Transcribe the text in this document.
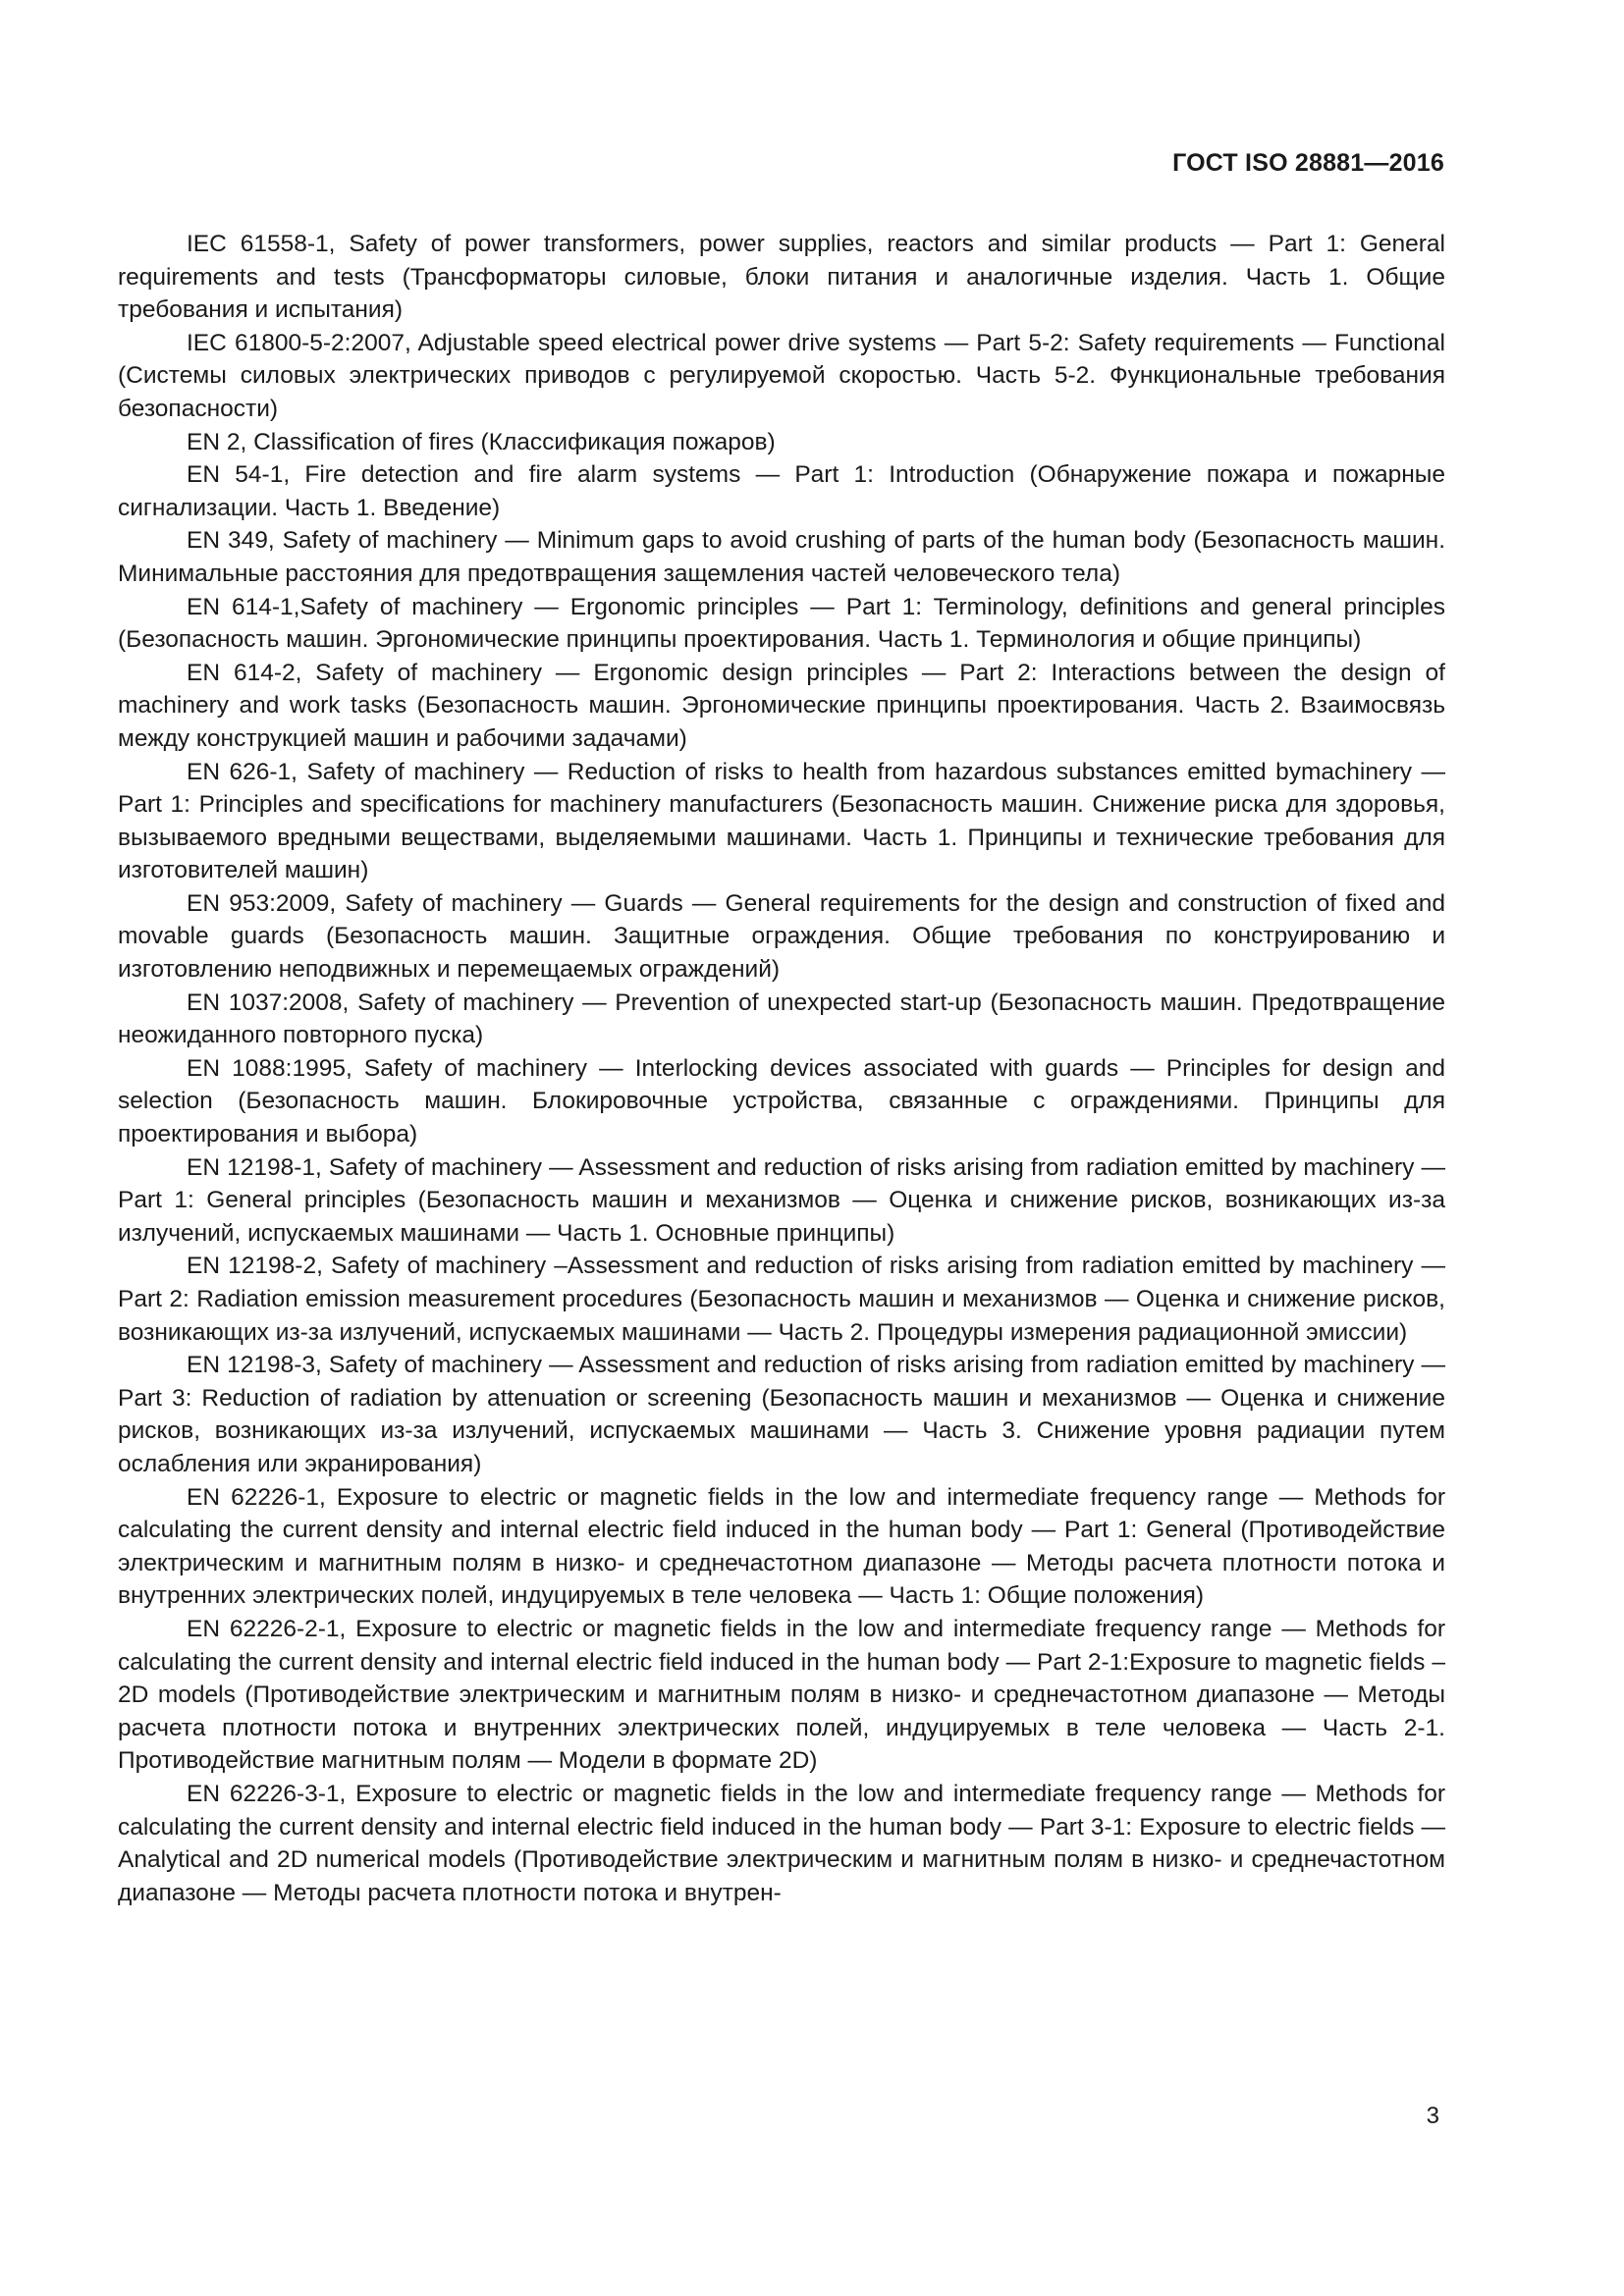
ГОСТ ISO 28881—2016

IEC 61558-1, Safety of power transformers, power supplies, reactors and similar products — Part 1: General requirements and tests (Трансформаторы силовые, блоки питания и аналогичные изделия. Часть 1. Общие требования и испытания)

IEC 61800-5-2:2007, Adjustable speed electrical power drive systems — Part 5-2: Safety requirements — Functional (Системы силовых электрических приводов с регулируемой скоростью. Часть 5-2. Функциональные требования безопасности)

EN 2, Classification of fires (Классификация пожаров)

EN 54-1, Fire detection and fire alarm systems — Part 1: Introduction (Обнаружение пожара и пожарные сигнализации. Часть 1. Введение)

EN 349, Safety of machinery — Minimum gaps to avoid crushing of parts of the human body (Безопасность машин. Минимальные расстояния для предотвращения защемления частей человеческого тела)

EN 614-1,Safety of machinery — Ergonomic principles — Part 1: Terminology, definitions and general principles (Безопасность машин. Эргономические принципы проектирования. Часть 1. Терминология и общие принципы)

EN 614-2, Safety of machinery — Ergonomic design principles — Part 2: Interactions between the design of machinery and work tasks (Безопасность машин. Эргономические принципы проектирования. Часть 2. Взаимосвязь между конструкцией машин и рабочими задачами)

EN 626-1, Safety of machinery — Reduction of risks to health from hazardous substances emitted bymachinery — Part 1: Principles and specifications for machinery manufacturers (Безопасность машин. Снижение риска для здоровья, вызываемого вредными веществами, выделяемыми машинами. Часть 1. Принципы и технические требования для изготовителей машин)

EN 953:2009, Safety of machinery — Guards — General requirements for the design and construction of fixed and movable guards (Безопасность машин. Защитные ограждения. Общие требования по конструированию и изготовлению неподвижных и перемещаемых ограждений)

EN 1037:2008, Safety of machinery — Prevention of unexpected start-up (Безопасность машин. Предотвращение неожиданного повторного пуска)

EN 1088:1995, Safety of machinery — Interlocking devices associated with guards — Principles for design and selection (Безопасность машин. Блокировочные устройства, связанные с ограждениями. Принципы для проектирования и выбора)

EN 12198-1, Safety of machinery — Assessment and reduction of risks arising from radiation emitted by machinery — Part 1: General principles (Безопасность машин и механизмов — Оценка и снижение рисков, возникающих из-за излучений, испускаемых машинами — Часть 1. Основные принципы)

EN 12198-2, Safety of machinery –Assessment and reduction of risks arising from radiation emitted by machinery — Part 2: Radiation emission measurement procedures (Безопасность машин и механизмов — Оценка и снижение рисков, возникающих из-за излучений, испускаемых машинами — Часть 2. Процедуры измерения радиационной эмиссии)

EN 12198-3, Safety of machinery — Assessment and reduction of risks arising from radiation emitted by machinery — Part 3: Reduction of radiation by attenuation or screening (Безопасность машин и механизмов — Оценка и снижение рисков, возникающих из-за излучений, испускаемых машинами — Часть 3. Снижение уровня радиации путем ослабления или экранирования)

EN 62226-1, Exposure to electric or magnetic fields in the low and intermediate frequency range — Methods for calculating the current density and internal electric field induced in the human body — Part 1: General (Противодействие электрическим и магнитным полям в низко- и среднечастотном диапазоне — Методы расчета плотности потока и внутренних электрических полей, индуцируемых в теле человека — Часть 1: Общие положения)

EN 62226-2-1, Exposure to electric or magnetic fields in the low and intermediate frequency range — Methods for calculating the current density and internal electric field induced in the human body — Part 2-1:Exposure to magnetic fields –2D models (Противодействие электрическим и магнитным полям в низко- и среднечастотном диапазоне — Методы расчета плотности потока и внутренних электрических полей, индуцируемых в теле человека — Часть 2-1. Противодействие магнитным полям — Модели в формате 2D)

EN 62226-3-1, Exposure to electric or magnetic fields in the low and intermediate frequency range — Methods for calculating the current density and internal electric field induced in the human body — Part 3-1: Exposure to electric fields — Analytical and 2D numerical models (Противодействие электрическим и магнитным полям в низко- и среднечастотном диапазоне — Методы расчета плотности потока и внутрен-

3
